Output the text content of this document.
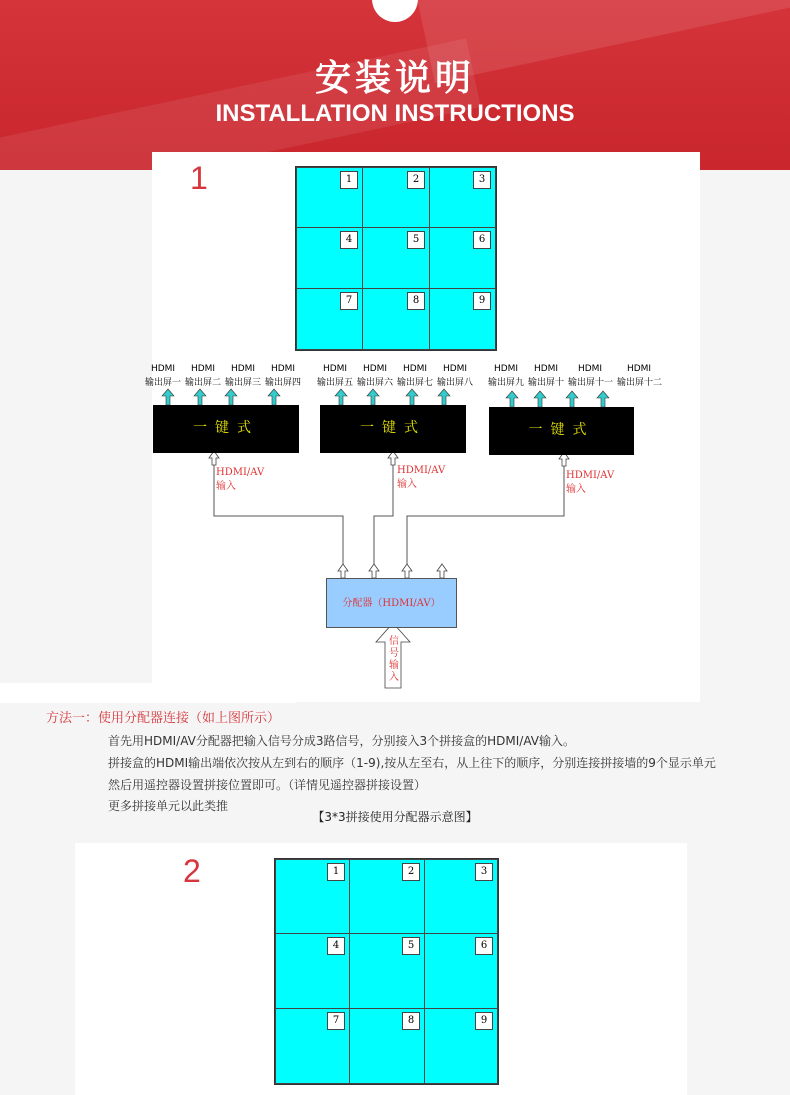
安装说明
INSTALLATION INSTRUCTIONS
1	1	2	3
4	5	6
7	8	9
HDMI
输出屏一
HDMI
输出屏二
HDMI
输出屏三
HDMI
输出屏四
HDMI
输出屏五
HDMI
输出屏六
HDMI
输出屏七
HDMI
输出屏八
HDMI
输出屏九
HDMI
输出屏十
HDMI
输出屏十一
HDMI
输出屏十二
一键式	一键式	一键式
HDMI/AV
输入
HDMI/AV
输入
HDMI/AV
输入
分配器（HDMI/AV）
信
号
输
入
方法一：使用分配器连接（如上图所示）
首先用HDMI/AV分配器把输入信号分成3路信号，分别接入3个拼接盒的HDMI/AV输入。
拼接盒的HDMI输出端依次按从左到右的顺序（1-9),按从左至右，从上往下的顺序，分别连接拼接墙的9个显示单元
然后用遥控器设置拼接位置即可。（详情见遥控器拼接设置）
更多拼接单元以此类推
【3*3拼接使用分配器示意图】
2	1	2	3
4	5	6
7	8	9
